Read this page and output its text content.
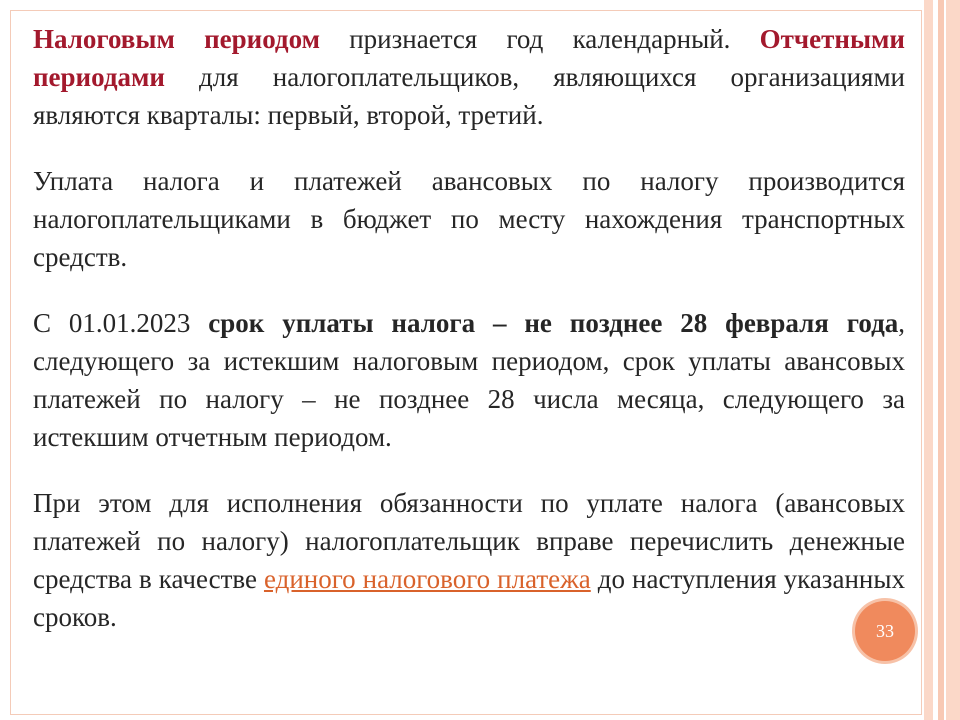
Налоговым периодом признается год календарный. Отчетными периодами для налогоплательщиков, являющихся организациями являются кварталы: первый, второй, третий.

Уплата налога и платежей авансовых по налогу производится налогоплательщиками в бюджет по месту нахождения транспортных средств.

С 01.01.2023 срок уплаты налога – не позднее 28 февраля года, следующего за истекшим налоговым периодом, срок уплаты авансовых платежей по налогу – не позднее 28 числа месяца, следующего за истекшим отчетным периодом.

При этом для исполнения обязанности по уплате налога (авансовых платежей по налогу) налогоплательщик вправе перечислить денежные средства в качестве единого налогового платежа до наступления указанных сроков.	33
